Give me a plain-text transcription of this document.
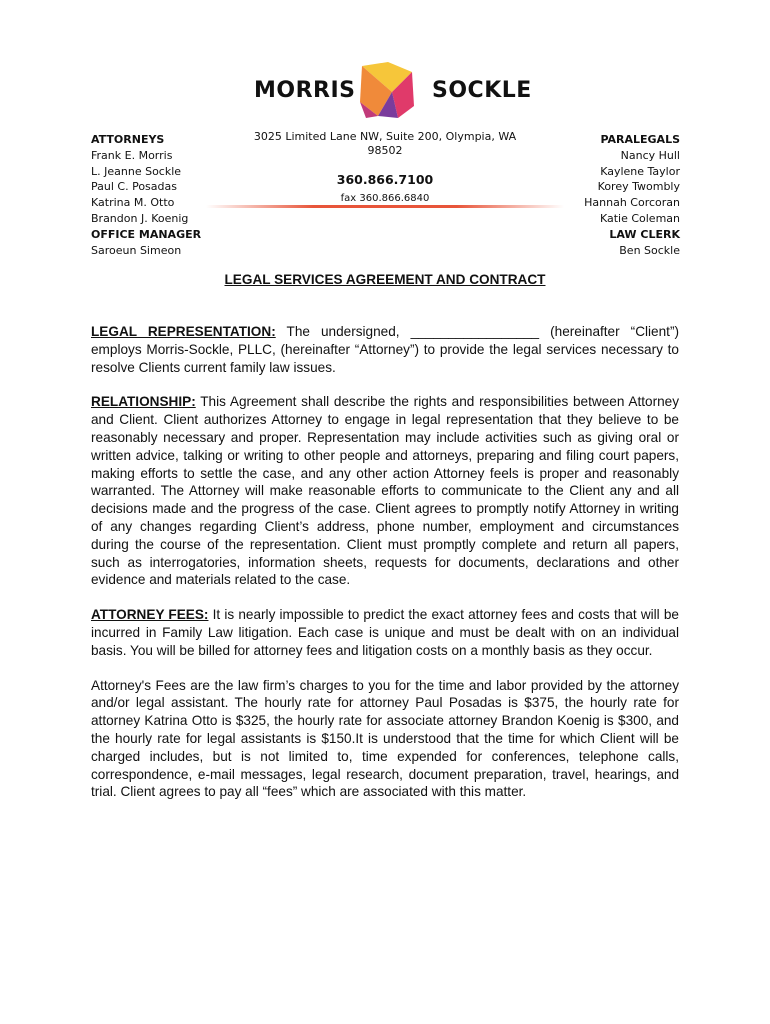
MORRIS	SOCKLE
ATTORNEYS
Frank E. Morris
L. Jeanne Sockle
Paul C. Posadas
Katrina M. Otto
Brandon J. Koenig
OFFICE MANAGER
Saroeun Simeon
3025 Limited Lane NW, Suite 200, Olympia, WA 98502
360.866.7100
fax 360.866.6840
PARALEGALS
Nancy Hull
Kaylene Taylor
Korey Twombly
Hannah Corcoran
Katie Coleman
LAW CLERK
Ben Sockle
LEGAL SERVICES AGREEMENT AND CONTRACT

LEGAL REPRESENTATION: The undersigned, _________________ (hereinafter “Client”) employs Morris-Sockle, PLLC, (hereinafter “Attorney”) to provide the legal services necessary to resolve Clients current family law issues.

RELATIONSHIP: This Agreement shall describe the rights and responsibilities between Attorney and Client. Client authorizes Attorney to engage in legal representation that they believe to be reasonably necessary and proper. Representation may include activities such as giving oral or written advice, talking or writing to other people and attorneys, preparing and filing court papers, making efforts to settle the case, and any other action Attorney feels is proper and reasonably warranted. The Attorney will make reasonable efforts to communicate to the Client any and all decisions made and the progress of the case. Client agrees to promptly notify Attorney in writing of any changes regarding Client’s address, phone number, employment and circumstances during the course of the representation. Client must promptly complete and return all papers, such as interrogatories, information sheets, requests for documents, declarations and other evidence and materials related to the case.

ATTORNEY FEES: It is nearly impossible to predict the exact attorney fees and costs that will be incurred in Family Law litigation. Each case is unique and must be dealt with on an individual basis. You will be billed for attorney fees and litigation costs on a monthly basis as they occur.

Attorney's Fees are the law firm’s charges to you for the time and labor provided by the attorney and/or legal assistant. The hourly rate for attorney Paul Posadas is $375, the hourly rate for attorney Katrina Otto is $325, the hourly rate for associate attorney Brandon Koenig is $300, and the hourly rate for legal assistants is $150.It is understood that the time for which Client will be charged includes, but is not limited to, time expended for conferences, telephone calls, correspondence, e-mail messages, legal research, document preparation, travel, hearings, and trial. Client agrees to pay all “fees” which are associated with this matter.
